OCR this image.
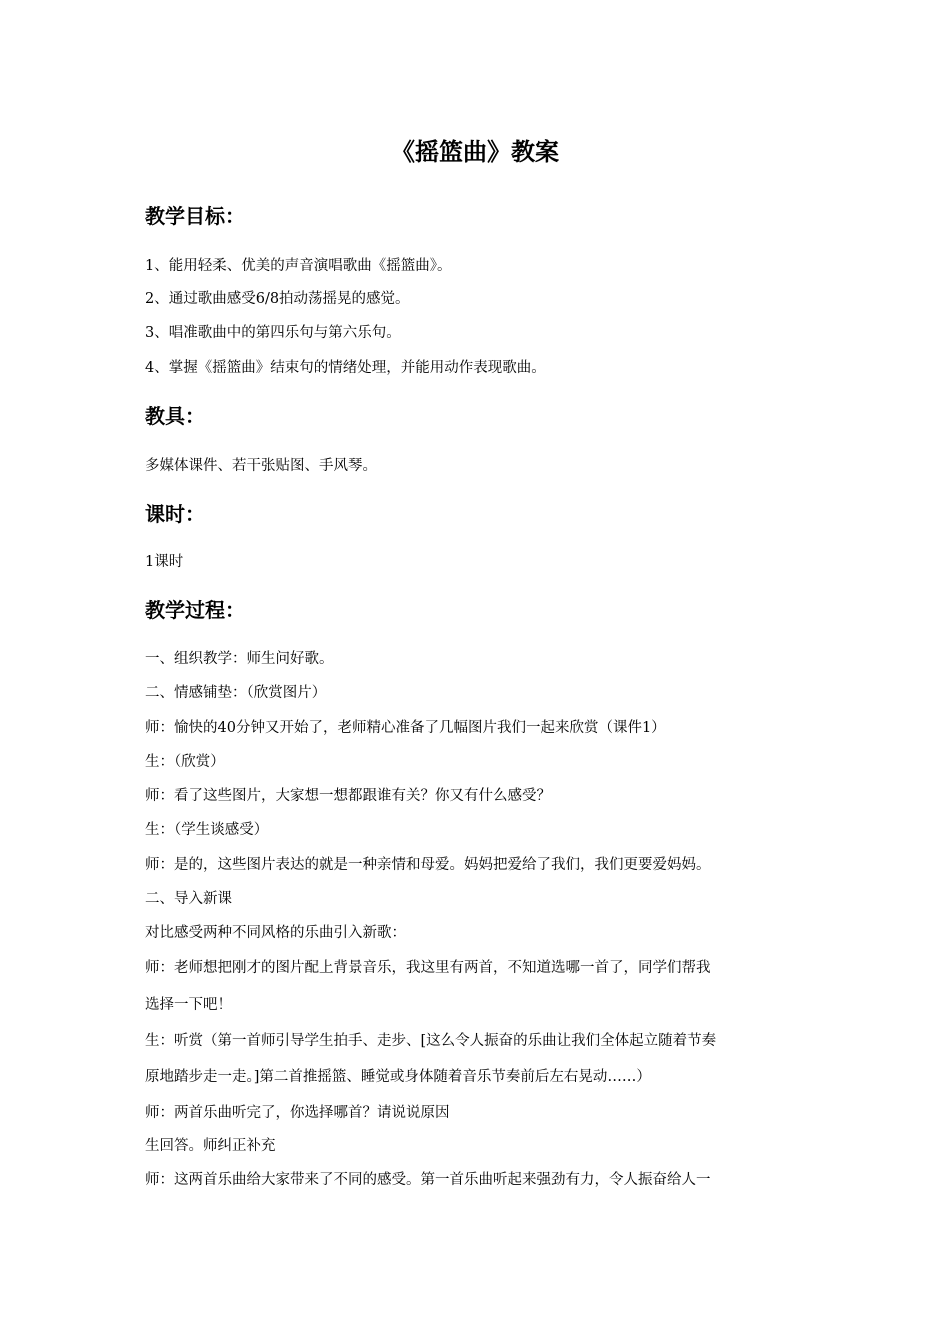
《摇篮曲》教案
教学目标：
1、能用轻柔、优美的声音演唱歌曲《摇篮曲》。
2、通过歌曲感受6/8拍动荡摇晃的感觉。
3、唱准歌曲中的第四乐句与第六乐句。
4、掌握《摇篮曲》结束句的情绪处理，并能用动作表现歌曲。
教具：
多媒体课件、若干张贴图、手风琴。
课时：
1课时
教学过程：
一、组织教学：师生问好歌。
二、情感铺垫：（欣赏图片）
师：愉快的40分钟又开始了，老师精心准备了几幅图片我们一起来欣赏（课件1）
生：（欣赏）
师：看了这些图片，大家想一想都跟谁有关？你又有什么感受？
生：（学生谈感受）
师：是的，这些图片表达的就是一种亲情和母爱。妈妈把爱给了我们，我们更要爱妈妈。
二、导入新课
对比感受两种不同风格的乐曲引入新歌：
师：老师想把刚才的图片配上背景音乐，我这里有两首，不知道选哪一首了，同学们帮我
选择一下吧！
生：听赏（第一首师引导学生拍手、走步、[这么令人振奋的乐曲让我们全体起立随着节奏
原地踏步走一走。]第二首推摇篮、睡觉或身体随着音乐节奏前后左右晃动……）
师：两首乐曲听完了，你选择哪首？请说说原因
生回答。师纠正补充
师：这两首乐曲给大家带来了不同的感受。第一首乐曲听起来强劲有力，令人振奋给人一
